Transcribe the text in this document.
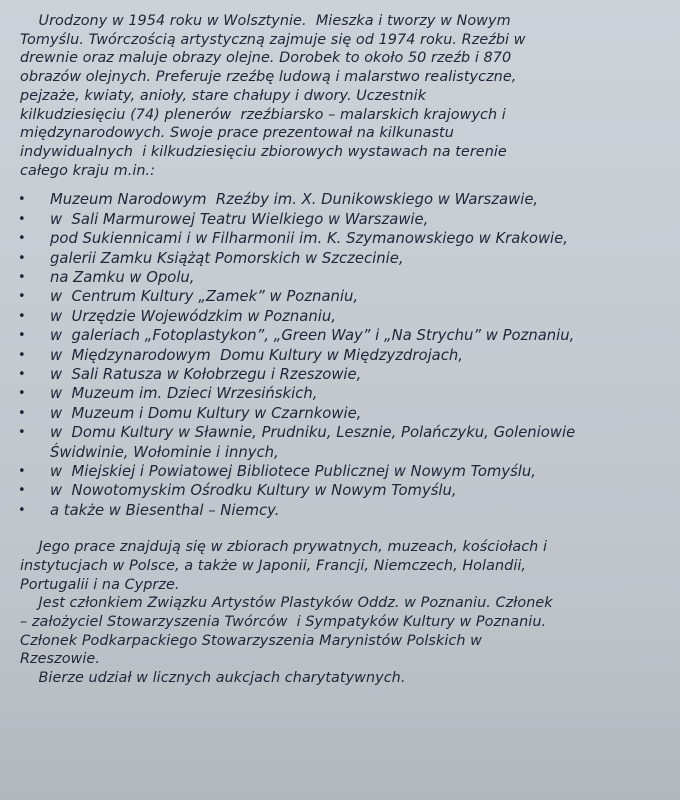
Urodzony w 1954 roku w Wolsztynie.  Mieszka i tworzy w Nowym
Tomyślu. Twórczością artystyczną zajmuje się od 1974 roku. Rzeźbi w
drewnie oraz maluje obrazy olejne. Dorobek to około 50 rzeźb i 870
obrazów olejnych. Preferuje rzeźbę ludową i malarstwo realistyczne,
pejzaże, kwiaty, anioły, stare chałupy i dwory. Uczestnik
kilkudziesięciu (74) plenerów  rzeźbiarsko – malarskich krajowych i
międzynarodowych. Swoje prace prezentował na kilkunastu
indywidualnych  i kilkudziesięciu zbiorowych wystawach na terenie
całego kraju m.in.:
• Muzeum Narodowym  Rzeźby im. X. Dunikowskiego w Warszawie,
• w  Sali Marmurowej Teatru Wielkiego w Warszawie,
• pod Sukiennicami i w Filharmonii im. K. Szymanowskiego w Krakowie,
• galerii Zamku Książąt Pomorskich w Szczecinie,
• na Zamku w Opolu,
• w  Centrum Kultury „Zamek” w Poznaniu,
• w  Urzędzie Wojewódzkim w Poznaniu,
• w  galeriach „Fotoplastykon”, „Green Way” i „Na Strychu” w Poznaniu,
• w  Międzynarodowym  Domu Kultury w Międzyzdrojach,
• w  Sali Ratusza w Kołobrzegu i Rzeszowie,
• w  Muzeum im. Dzieci Wrzesińskich,
• w  Muzeum i Domu Kultury w Czarnkowie,
• w  Domu Kultury w Sławnie, Prudniku, Lesznie, Polańczyku, Goleniowie
Świdwinie, Wołominie i innych,
• w  Miejskiej i Powiatowej Bibliotece Publicznej w Nowym Tomyślu,
• w  Nowotomyskim Ośrodku Kultury w Nowym Tomyślu,
• a także w Biesenthal – Niemcy.
Jego prace znajdują się w zbiorach prywatnych, muzeach, kościołach i
instytucjach w Polsce, a także w Japonii, Francji, Niemczech, Holandii,
Portugalii i na Cyprze.
Jest członkiem Związku Artystów Plastyków Oddz. w Poznaniu. Członek
– założyciel Stowarzyszenia Twórców  i Sympatyków Kultury w Poznaniu.
Członek Podkarpackiego Stowarzyszenia Marynistów Polskich w
Rzeszowie.
Bierze udział w licznych aukcjach charytatywnych.
